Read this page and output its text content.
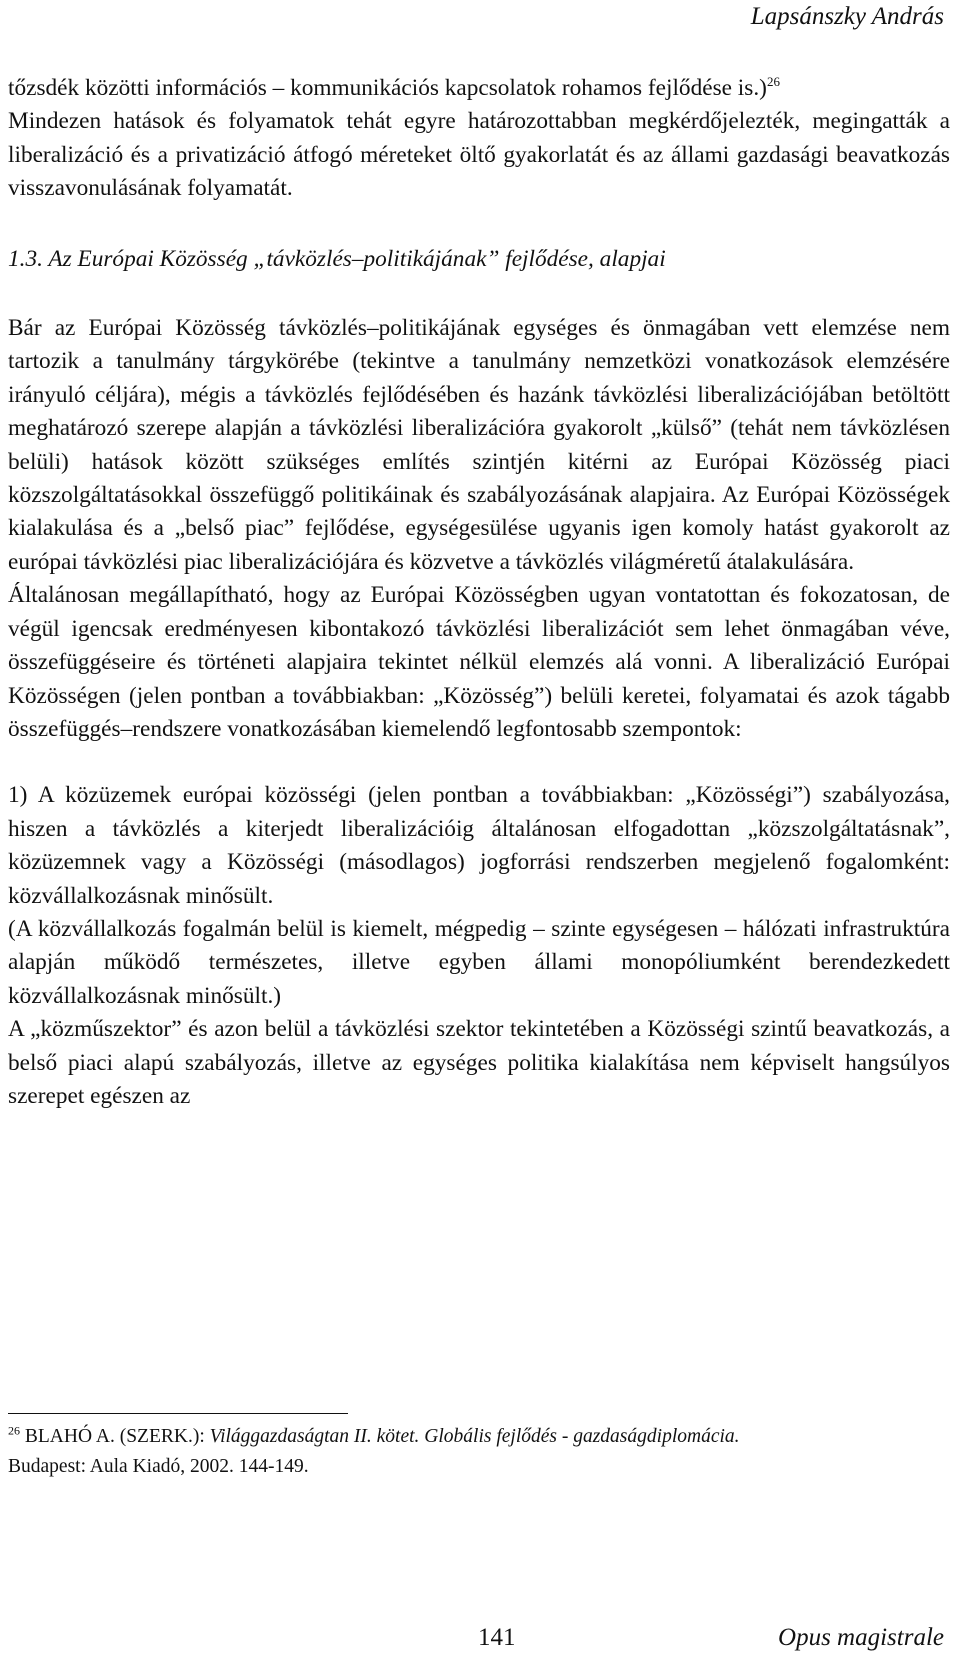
Lapsánszky András

tőzsdék közötti információs – kommunikációs kapcsolatok rohamos fejlődése is.)$^{26}$

Mindezen hatások és folyamatok tehát egyre határozottabban megkérdőjelezték, megingatták a liberalizáció és a privatizáció átfogó méreteket öltő gyakorlatát és az állami gazdasági beavatkozás visszavonulásának folyamatát.

1.3. Az Európai Közösség „távközlés–politikájának” fejlődése, alapjai

Bár az Európai Közösség távközlés–politikájának egységes és önmagában vett elemzése nem tartozik a tanulmány tárgykörébe (tekintve a tanulmány nemzetközi vonatkozások elemzésére irányuló céljára), mégis a távközlés fejlődésében és hazánk távközlési liberalizációjában betöltött meghatározó szerepe alapján a távközlési liberalizációra gyakorolt „külső” (tehát nem távközlésen belüli) hatások között szükséges említés szintjén kitérni az Európai Közösség piaci közszolgáltatásokkal összefüggő politikáinak és szabályozásának alapjaira. Az Európai Közösségek kialakulása és a „belső piac” fejlődése, egységesülése ugyanis igen komoly hatást gyakorolt az európai távközlési piac liberalizációjára és közvetve a távközlés világméretű átalakulására.

Általánosan megállapítható, hogy az Európai Közösségben ugyan vontatottan és fokozatosan, de végül igencsak eredményesen kibontakozó távközlési liberalizációt sem lehet önmagában véve, összefüggéseire és történeti alapjaira tekintet nélkül elemzés alá vonni. A liberalizáció Európai Közösségen (jelen pontban a továbbiakban: „Közösség”) belüli keretei, folyamatai és azok tágabb összefüggés–rendszere vonatkozásában kiemelendő legfontosabb szempontok:

1) A közüzemek európai közösségi (jelen pontban a továbbiakban: „Közösségi”) szabályozása, hiszen a távközlés a kiterjedt liberalizációig általánosan elfogadottan „közszolgáltatásnak”, közüzemnek vagy a Közösségi (másodlagos) jogforrási rendszerben megjelenő fogalomként: közvállalkozásnak minősült.

(A közvállalkozás fogalmán belül is kiemelt, mégpedig – szinte egységesen – hálózati infrastruktúra alapján működő természetes, illetve egyben állami monopóliumként berendezkedett közvállalkozásnak minősült.)

A „közműszektor” és azon belül a távközlési szektor tekintetében a Közösségi szintű beavatkozás, a belső piaci alapú szabályozás, illetve az egységes politika kialakítása nem képviselt hangsúlyos szerepet egészen az

$^{26}$ BLAHÓ A. (SZERK.): Világgazdaságtan II. kötet. Globális fejlődés - gazdaságdiplomácia.
Budapest: Aula Kiadó, 2002. 144-149.
141	Opus magistrale
